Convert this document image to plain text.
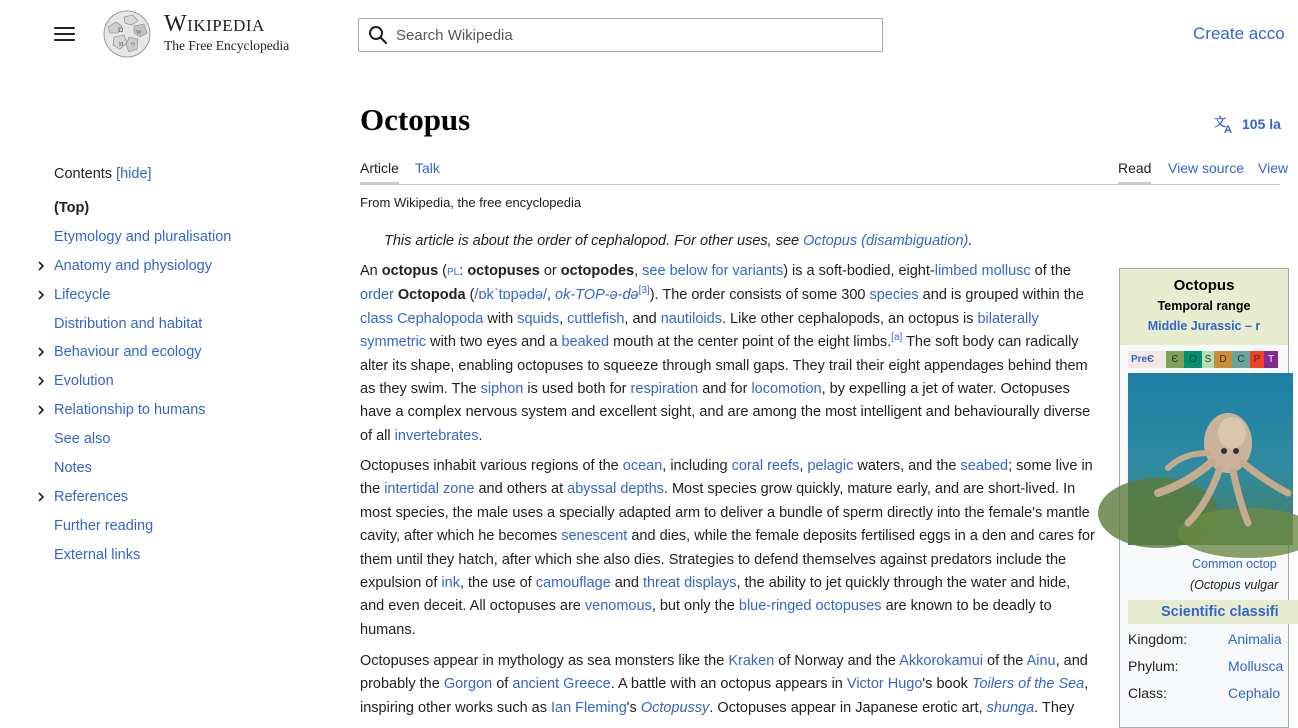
Ω W
И ウ
Wikipedia
The Free Encyclopedia
Search Wikipedia
Create acco
Contents [hide]
(Top)
Etymology and pluralisation
Anatomy and physiology
Lifecycle
Distribution and habitat
Behaviour and ecology
Evolution
Relationship to humans
See also
Notes
References
Further reading
External links
Octopus	文
A 105 la
Article Talk	Read View source View
From Wikipedia, the free encyclopedia
This article is about the order of cephalopod. For other uses, see Octopus (disambiguation).
An octopus (PL: octopuses or octopodes, see below for variants) is a soft-bodied, eight-limbed mollusc of the
order Octopoda (/ɒkˈtɒpədə/, ok-TOP-ə-də[3]). The order consists of some 300 species and is grouped within the
class Cephalopoda with squids, cuttlefish, and nautiloids. Like other cephalopods, an octopus is bilaterally
symmetric with two eyes and a beaked mouth at the center point of the eight limbs.[a] The soft body can radically
alter its shape, enabling octopuses to squeeze through small gaps. They trail their eight appendages behind them
as they swim. The siphon is used both for respiration and for locomotion, by expelling a jet of water. Octopuses
have a complex nervous system and excellent sight, and are among the most intelligent and behaviourally diverse
of all invertebrates.
Octopuses inhabit various regions of the ocean, including coral reefs, pelagic waters, and the seabed; some live in
the intertidal zone and others at abyssal depths. Most species grow quickly, mature early, and are short-lived. In
most species, the male uses a specially adapted arm to deliver a bundle of sperm directly into the female's mantle
cavity, after which he becomes senescent and dies, while the female deposits fertilised eggs in a den and cares for
them until they hatch, after which she also dies. Strategies to defend themselves against predators include the
expulsion of ink, the use of camouflage and threat displays, the ability to jet quickly through the water and hide,
and even deceit. All octopuses are venomous, but only the blue-ringed octopuses are known to be deadly to
humans.
Octopuses appear in mythology as sea monsters like the Kraken of Norway and the Akkorokamui of the Ainu, and
probably the Gorgon of ancient Greece. A battle with an octopus appears in Victor Hugo's book Toilers of the Sea,
inspiring other works such as Ian Fleming's Octopussy. Octopuses appear in Japanese erotic art, shunga. They
Octopus
Temporal range
Middle Jurassic – r
PreЄ	Є	O S D	C P T
Common octop
(Octopus vulgar
Scientific classifi
Kingdom:	Animalia
Phylum:	Mollusca
Class:	Cephalo
